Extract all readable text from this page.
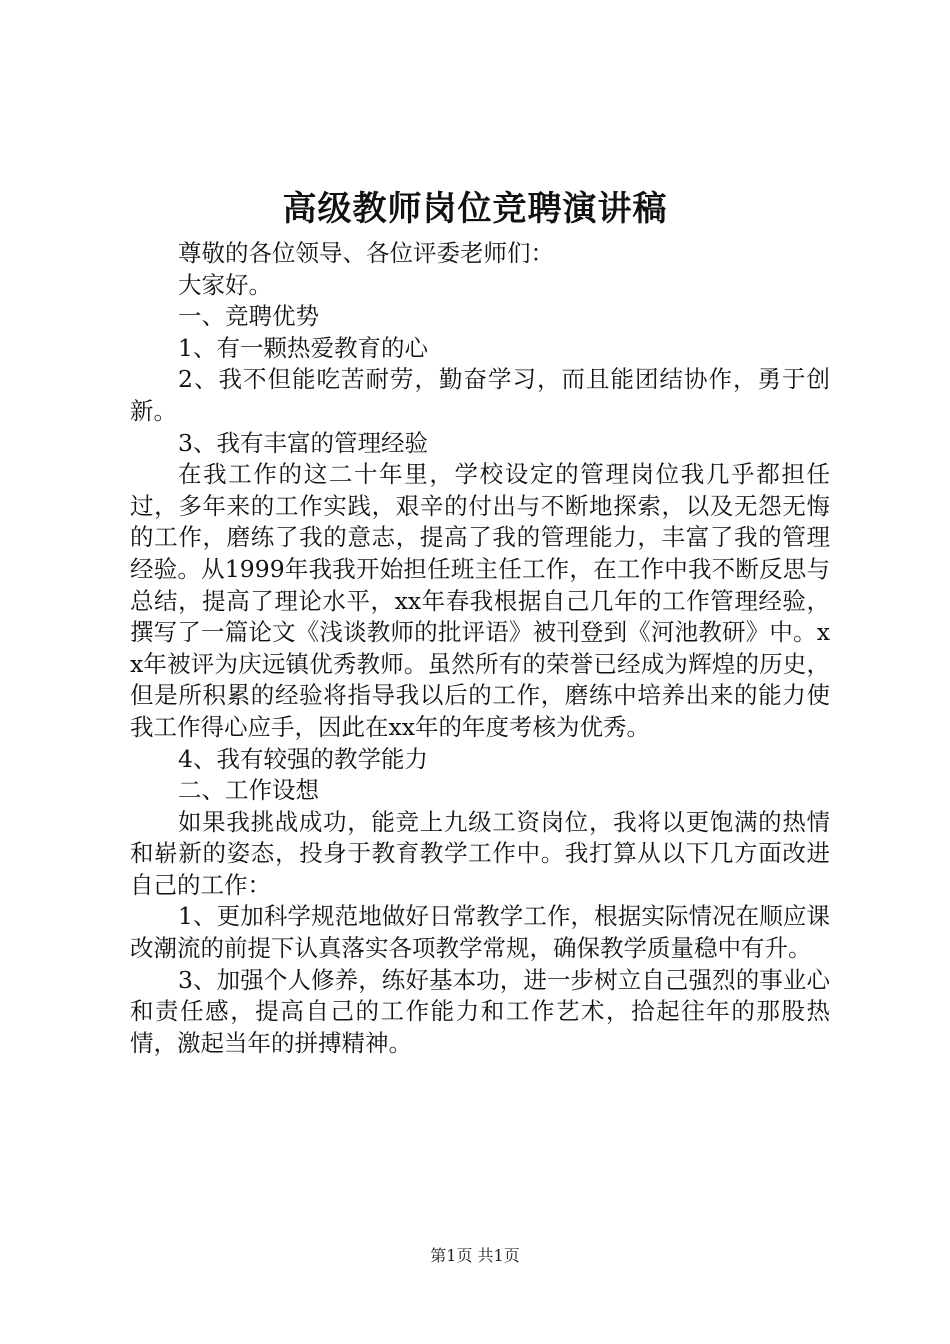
高级教师岗位竞聘演讲稿

尊敬的各位领导、各位评委老师们：

大家好。

一、竞聘优势

1、有一颗热爱教育的心

2、我不但能吃苦耐劳，勤奋学习，而且能团结协作，勇于创新。

3、我有丰富的管理经验

在我工作的这二十年里，学校设定的管理岗位我几乎都担任过，多年来的工作实践，艰辛的付出与不断地探索，以及无怨无悔的工作，磨练了我的意志，提高了我的管理能力，丰富了我的管理经验。从1999年我我开始担任班主任工作，在工作中我不断反思与总结，提高了理论水平，xx年春我根据自己几年的工作管理经验，撰写了一篇论文《浅谈教师的批评语》被刊登到《河池教研》中。xx年被评为庆远镇优秀教师。虽然所有的荣誉已经成为辉煌的历史，但是所积累的经验将指导我以后的工作，磨练中培养出来的能力使我工作得心应手，因此在xx年的年度考核为优秀。

4、我有较强的教学能力

二、工作设想

如果我挑战成功，能竞上九级工资岗位，我将以更饱满的热情和崭新的姿态，投身于教育教学工作中。我打算从以下几方面改进自己的工作：

1、更加科学规范地做好日常教学工作，根据实际情况在顺应课改潮流的前提下认真落实各项教学常规，确保教学质量稳中有升。

3、加强个人修养，练好基本功，进一步树立自己强烈的事业心和责任感，提高自己的工作能力和工作艺术，拾起往年的那股热情，激起当年的拼搏精神。

第1页 共1页
